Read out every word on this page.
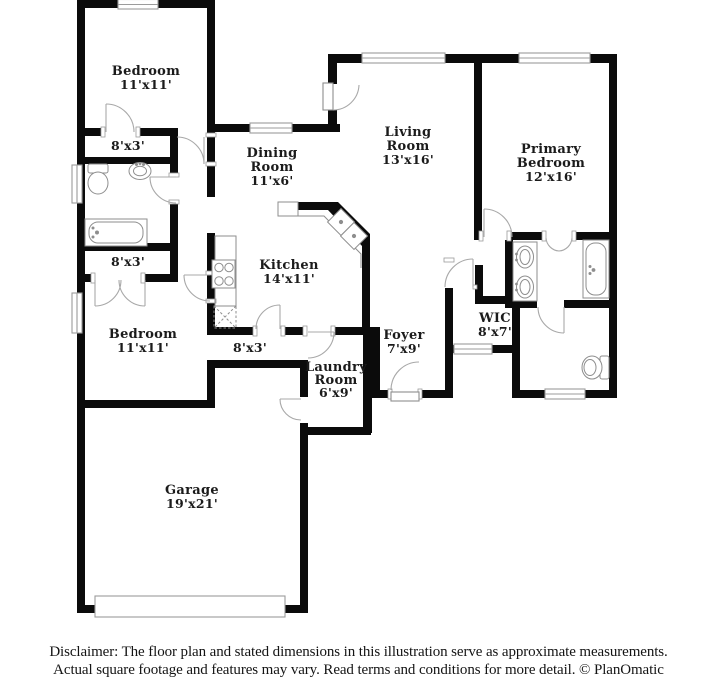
Bedroom
11'x11'
8'x3'
Dining
Room
11'x6'
Living
Room
13'x16'
Primary
Bedroom
12'x16'
Kitchen
14'x11'
8'x3'
Bedroom
11'x11'	8'x3'
Foyer
7'x9'
WIC
8'x7'
Laundry
Room
6'x9'
Garage
19'x21'
Disclaimer: The floor plan and stated dimensions in this illustration serve as approximate measurements.
Actual square footage and features may vary. Read terms and conditions for more detail. © PlanOmatic
